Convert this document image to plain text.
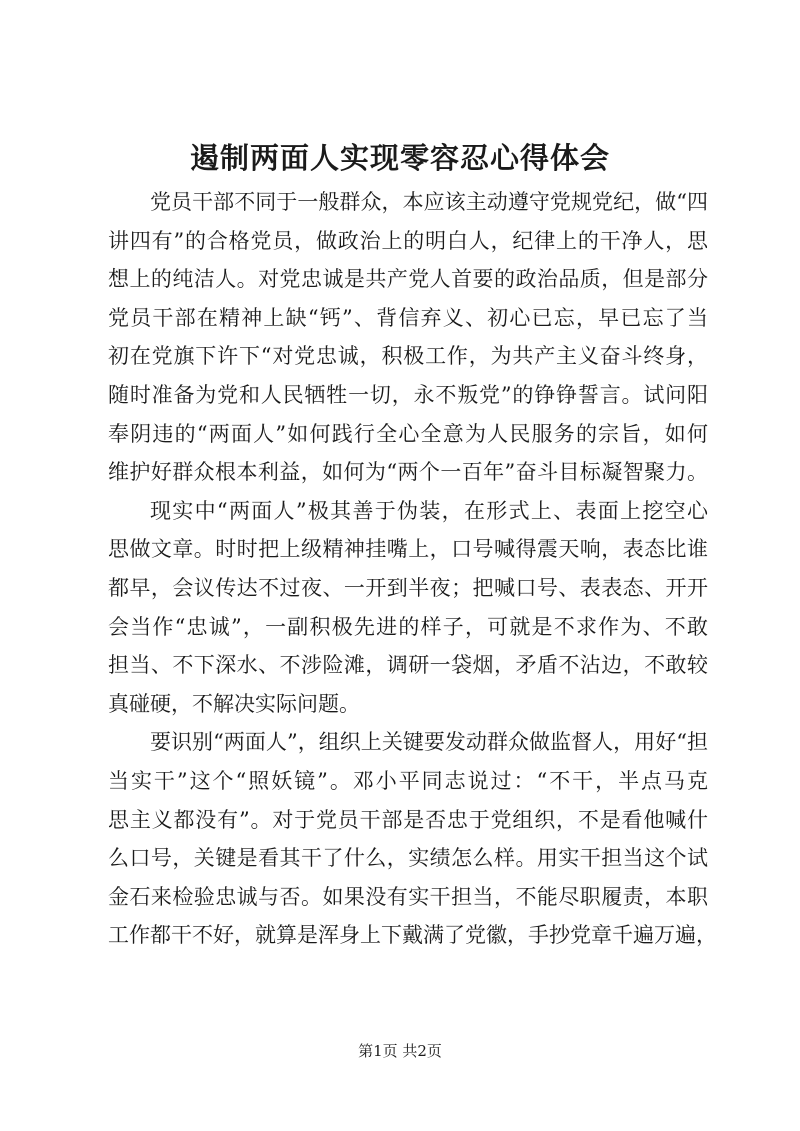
遏制两面人实现零容忍心得体会
党员干部不同于一般群众，本应该主动遵守党规党纪，做“四
讲四有”的合格党员，做政治上的明白人，纪律上的干净人，思
想上的纯洁人。对党忠诚是共产党人首要的政治品质，但是部分
党员干部在精神上缺“钙”、背信弃义、初心已忘，早已忘了当
初在党旗下许下“对党忠诚，积极工作，为共产主义奋斗终身，
随时准备为党和人民牺牲一切，永不叛党”的铮铮誓言。试问阳
奉阴违的“两面人”如何践行全心全意为人民服务的宗旨，如何
维护好群众根本利益，如何为“两个一百年”奋斗目标凝智聚力。
现实中“两面人”极其善于伪装，在形式上、表面上挖空心
思做文章。时时把上级精神挂嘴上，口号喊得震天响，表态比谁
都早，会议传达不过夜、一开到半夜；把喊口号、表表态、开开
会当作“忠诚”，一副积极先进的样子，可就是不求作为、不敢
担当、不下深水、不涉险滩，调研一袋烟，矛盾不沾边，不敢较
真碰硬，不解决实际问题。
要识别“两面人”，组织上关键要发动群众做监督人，用好“担
当实干”这个“照妖镜”。邓小平同志说过：“不干，半点马克
思主义都没有”。对于党员干部是否忠于党组织，不是看他喊什
么口号，关键是看其干了什么，实绩怎么样。用实干担当这个试
金石来检验忠诚与否。如果没有实干担当，不能尽职履责，本职
工作都干不好，就算是浑身上下戴满了党徽，手抄党章千遍万遍，
第1页 共2页
